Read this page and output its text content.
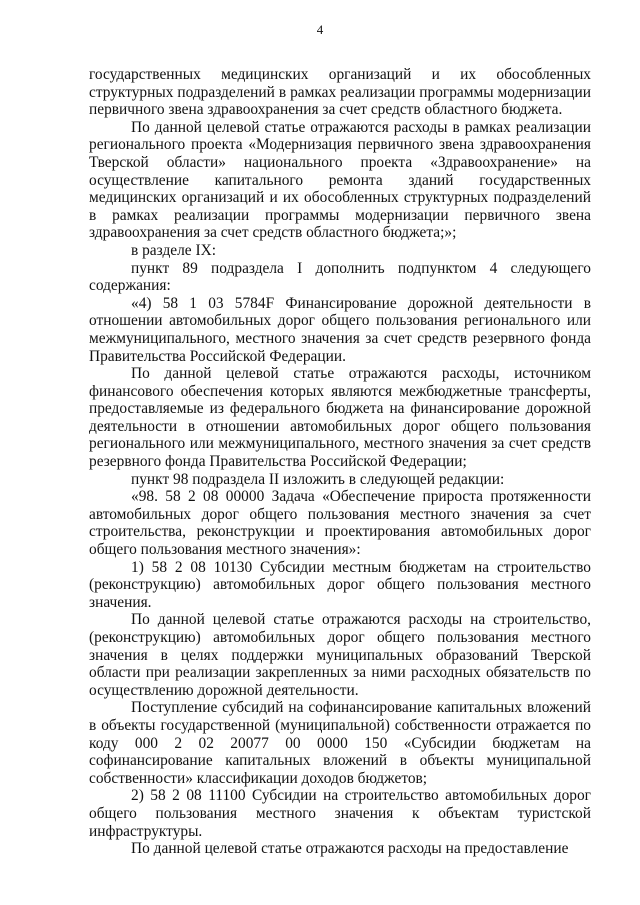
4

государственных медицинских организаций и их обособленных структурных подразделений в рамках реализации программы модернизации первичного звена здравоохранения за счет средств областного бюджета.

По данной целевой статье отражаются расходы в рамках реализации регионального проекта «Модернизация первичного звена здравоохранения Тверской области» национального проекта «Здравоохранение» на осуществление капитального ремонта зданий государственных медицинских организаций и их обособленных структурных подразделений в рамках реализации программы модернизации первичного звена здравоохранения за счет средств областного бюджета;»;

в разделе IX:

пункт 89 подраздела I дополнить подпунктом 4 следующего содержания:

«4) 58 1 03 5784F Финансирование дорожной деятельности в отношении автомобильных дорог общего пользования регионального или межмуниципального, местного значения за счет средств резервного фонда Правительства Российской Федерации.

По данной целевой статье отражаются расходы, источником финансового обеспечения которых являются межбюджетные трансферты, предоставляемые из федерального бюджета на финансирование дорожной деятельности в отношении автомобильных дорог общего пользования регионального или межмуниципального, местного значения за счет средств резервного фонда Правительства Российской Федерации;

пункт 98 подраздела II изложить в следующей редакции:

«98. 58 2 08 00000 Задача «Обеспечение прироста протяженности автомобильных дорог общего пользования местного значения за счет строительства, реконструкции и проектирования автомобильных дорог общего пользования местного значения»:

1) 58 2 08 10130 Субсидии местным бюджетам на строительство (реконструкцию) автомобильных дорог общего пользования местного значения.

По данной целевой статье отражаются расходы на строительство, (реконструкцию) автомобильных дорог общего пользования местного значения в целях поддержки муниципальных образований Тверской области при реализации закрепленных за ними расходных обязательств по осуществлению дорожной деятельности.

Поступление субсидий на софинансирование капитальных вложений в объекты государственной (муниципальной) собственности отражается по коду 000 2 02 20077 00 0000 150 «Субсидии бюджетам на софинансирование капитальных вложений в объекты муниципальной собственности» классификации доходов бюджетов;

2) 58 2 08 11100 Субсидии на строительство автомобильных дорог общего пользования местного значения к объектам туристской инфраструктуры.

По данной целевой статье отражаются расходы на предоставление
